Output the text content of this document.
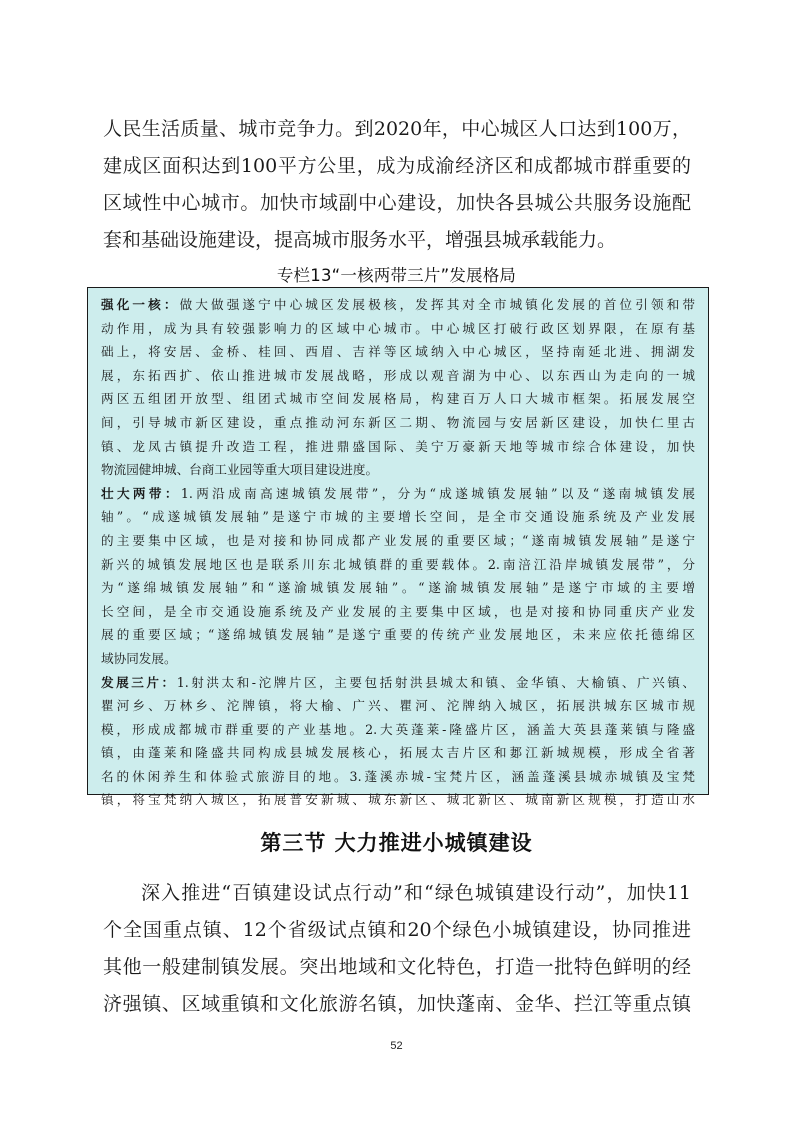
人民生活质量、城市竞争力。到2020年，中心城区人口达到100万，
建成区面积达到100平方公里，成为成渝经济区和成都城市群重要的
区域性中心城市。加快市域副中心建设，加快各县城公共服务设施配
套和基础设施建设，提高城市服务水平，增强县城承载能力。
专栏13“一核两带三片”发展格局
强化一核：做大做强遂宁中心城区发展极核，发挥其对全市城镇化发展的首位引领和带
动作用，成为具有较强影响力的区域中心城市。中心城区打破行政区划界限，在原有基
础上，将安居、金桥、桂回、西眉、吉祥等区域纳入中心城区，坚持南延北进、拥湖发
展，东拓西扩、依山推进城市发展战略，形成以观音湖为中心、以东西山为走向的一城
两区五组团开放型、组团式城市空间发展格局，构建百万人口大城市框架。拓展发展空
间，引导城市新区建设，重点推动河东新区二期、物流园与安居新区建设，加快仁里古
镇、龙凤古镇提升改造工程，推进鼎盛国际、美宁万豪新天地等城市综合体建设，加快
物流园健坤城、台商工业园等重大项目建设进度。
壮大两带：1.两沿成南高速城镇发展带”，分为“成遂城镇发展轴”以及“遂南城镇发展
轴”。“成遂城镇发展轴”是遂宁市城的主要增长空间，是全市交通设施系统及产业发展
的主要集中区域，也是对接和协同成都产业发展的重要区域；“遂南城镇发展轴”是遂宁
新兴的城镇发展地区也是联系川东北城镇群的重要载体。2.南涪江沿岸城镇发展带”，分
为“遂绵城镇发展轴”和“遂渝城镇发展轴”。“遂渝城镇发展轴”是遂宁市域的主要增
长空间，是全市交通设施系统及产业发展的主要集中区域，也是对接和协同重庆产业发
展的重要区域；“遂绵城镇发展轴”是遂宁重要的传统产业发展地区，未来应依托德绵区
域协同发展。
发展三片：1.射洪太和-沱牌片区，主要包括射洪县城太和镇、金华镇、大榆镇、广兴镇、
瞿河乡、万林乡、沱牌镇，将大榆、广兴、瞿河、沱牌纳入城区，拓展洪城东区城市规
模，形成成都城市群重要的产业基地。2.大英蓬莱-隆盛片区，涵盖大英县蓬莱镇与隆盛
镇，由蓬莱和隆盛共同构成县城发展核心，拓展太吉片区和郪江新城规模，形成全省著
名的休闲养生和体验式旅游目的地。3.蓬溪赤城-宝梵片区，涵盖蓬溪县城赤城镇及宝梵
镇，将宝梵纳入城区，拓展普安新城、城东新区、城北新区、城南新区规模，打造山水
第三节 大力推进小城镇建设
深入推进“百镇建设试点行动”和“绿色城镇建设行动”，加快11
个全国重点镇、12个省级试点镇和20个绿色小城镇建设，协同推进
其他一般建制镇发展。突出地域和文化特色，打造一批特色鲜明的经
济强镇、区域重镇和文化旅游名镇，加快蓬南、金华、拦江等重点镇
52
